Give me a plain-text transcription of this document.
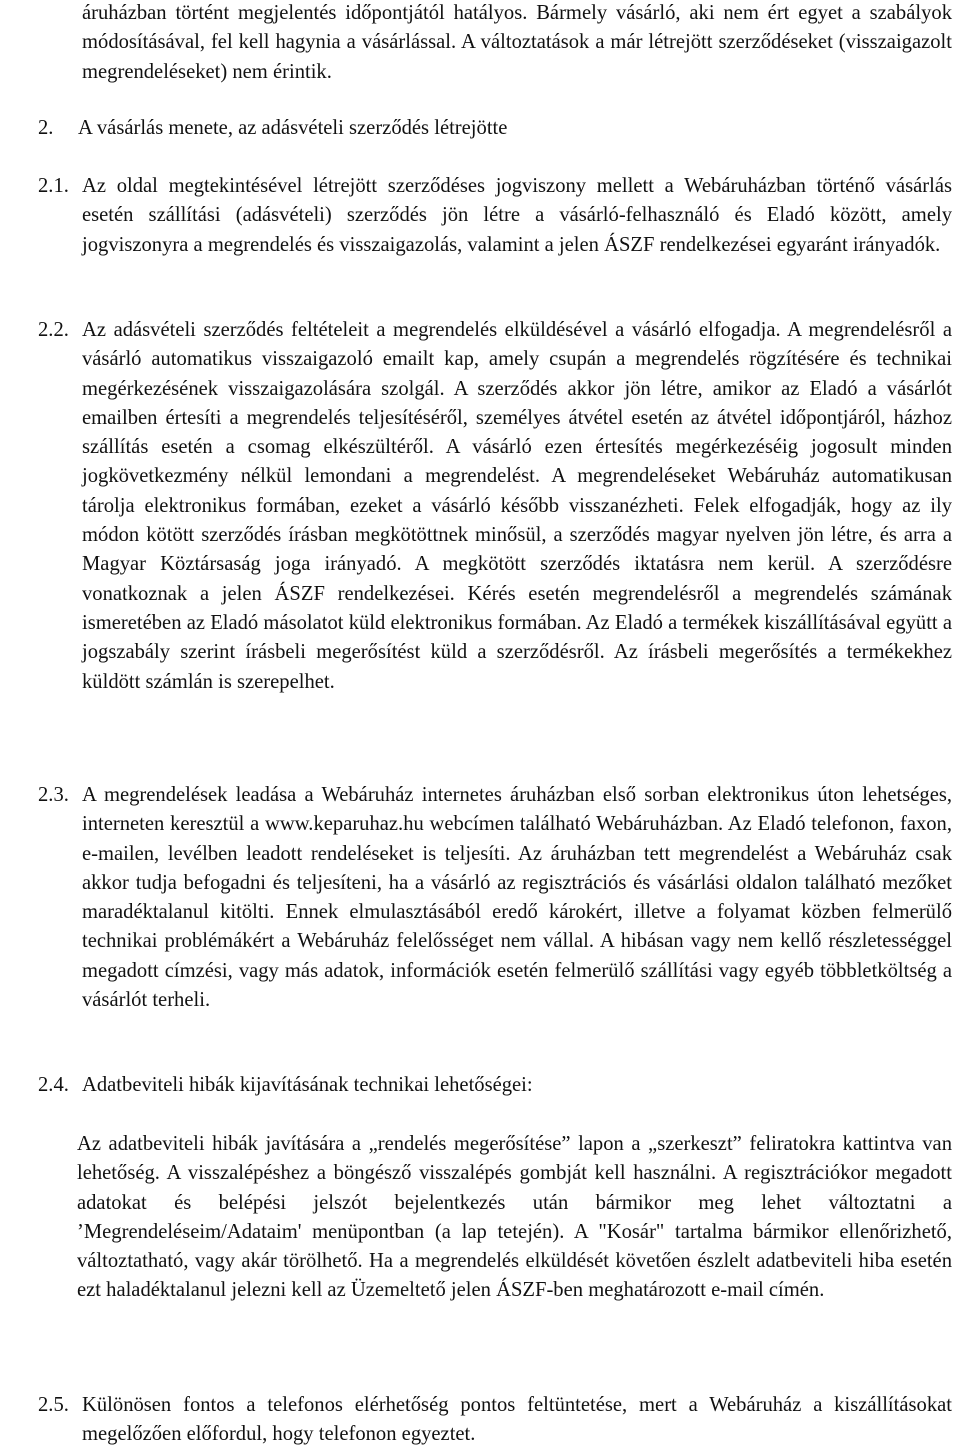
áruházban történt megjelentés időpontjától hatályos. Bármely vásárló, aki nem ért egyet a szabályok módosításával, fel kell hagynia a vásárlással. A változtatások a már létrejött szerződéseket (visszaigazolt megrendeléseket) nem érintik.

2.	A vásárlás menete, az adásvételi szerződés létrejötte

2.1. Az oldal megtekintésével létrejött szerződéses jogviszony mellett a Webáruházban történő vásárlás esetén szállítási (adásvételi) szerződés jön létre a vásárló-felhasználó és Eladó között, amely jogviszonyra a megrendelés és visszaigazolás, valamint a jelen ÁSZF rendelkezései egyaránt irányadók.

2.2. Az adásvételi szerződés feltételeit a megrendelés elküldésével a vásárló elfogadja. A megrendelésről a vásárló automatikus visszaigazoló emailt kap, amely csupán a megrendelés rögzítésére és technikai megérkezésének visszaigazolására szolgál. A szerződés akkor jön létre, amikor az Eladó a vásárlót emailben értesíti a megrendelés teljesítéséről, személyes átvétel esetén az átvétel időpontjáról, házhoz szállítás esetén a csomag elkészültéről. A vásárló ezen értesítés megérkezéséig jogosult minden jogkövetkezmény nélkül lemondani a megrendelést. A megrendeléseket Webáruház automatikusan tárolja elektronikus formában, ezeket a vásárló később visszanézheti. Felek elfogadják, hogy az ily módon kötött szerződés írásban megkötöttnek minősül, a szerződés magyar nyelven jön létre, és arra a Magyar Köztársaság joga irányadó. A megkötött szerződés iktatásra nem kerül. A szerződésre vonatkoznak a jelen ÁSZF rendelkezései. Kérés esetén megrendelésről a megrendelés számának ismeretében az Eladó másolatot küld elektronikus formában. Az Eladó a termékek kiszállításával együtt a jogszabály szerint írásbeli megerősítést küld a szerződésről. Az írásbeli megerősítés a termékekhez küldött számlán is szerepelhet.

2.3. A megrendelések leadása a Webáruház internetes áruházban első sorban elektronikus úton lehetséges, interneten keresztül a www.keparuhaz.hu webcímen található Webáruházban. Az Eladó telefonon, faxon, e-mailen, levélben leadott rendeléseket is teljesíti. Az áruházban tett megrendelést a Webáruház csak akkor tudja befogadni és teljesíteni, ha a vásárló az regisztrációs és vásárlási oldalon található mezőket maradéktalanul kitölti. Ennek elmulasztásából eredő károkért, illetve a folyamat közben felmerülő technikai problémákért a Webáruház felelősséget nem vállal. A hibásan vagy nem kellő részletességgel megadott címzési, vagy más adatok, információk esetén felmerülő szállítási vagy egyéb többletköltség a vásárlót terheli.

2.4. Adatbeviteli hibák kijavításának technikai lehetőségei:

Az adatbeviteli hibák javítására a „rendelés megerősítése” lapon a „szerkeszt” feliratokra kattintva van lehetőség. A visszalépéshez a böngésző visszalépés gombját kell használni. A regisztrációkor megadott adatokat és belépési jelszót bejelentkezés után bármikor meg lehet változtatni a ’Megrendeléseim/Adataim' menüpontban (a lap tetején). A "Kosár" tartalma bármikor ellenőrizhető, változtatható, vagy akár törölhető. Ha a megrendelés elküldését követően észlelt adatbeviteli hiba esetén ezt haladéktalanul jelezni kell az Üzemeltető jelen ÁSZF-ben meghatározott e-mail címén.

2.5. Különösen fontos a telefonos elérhetőség pontos feltüntetése, mert a Webáruház a kiszállításokat megelőzően előfordul, hogy telefonon egyeztet.
